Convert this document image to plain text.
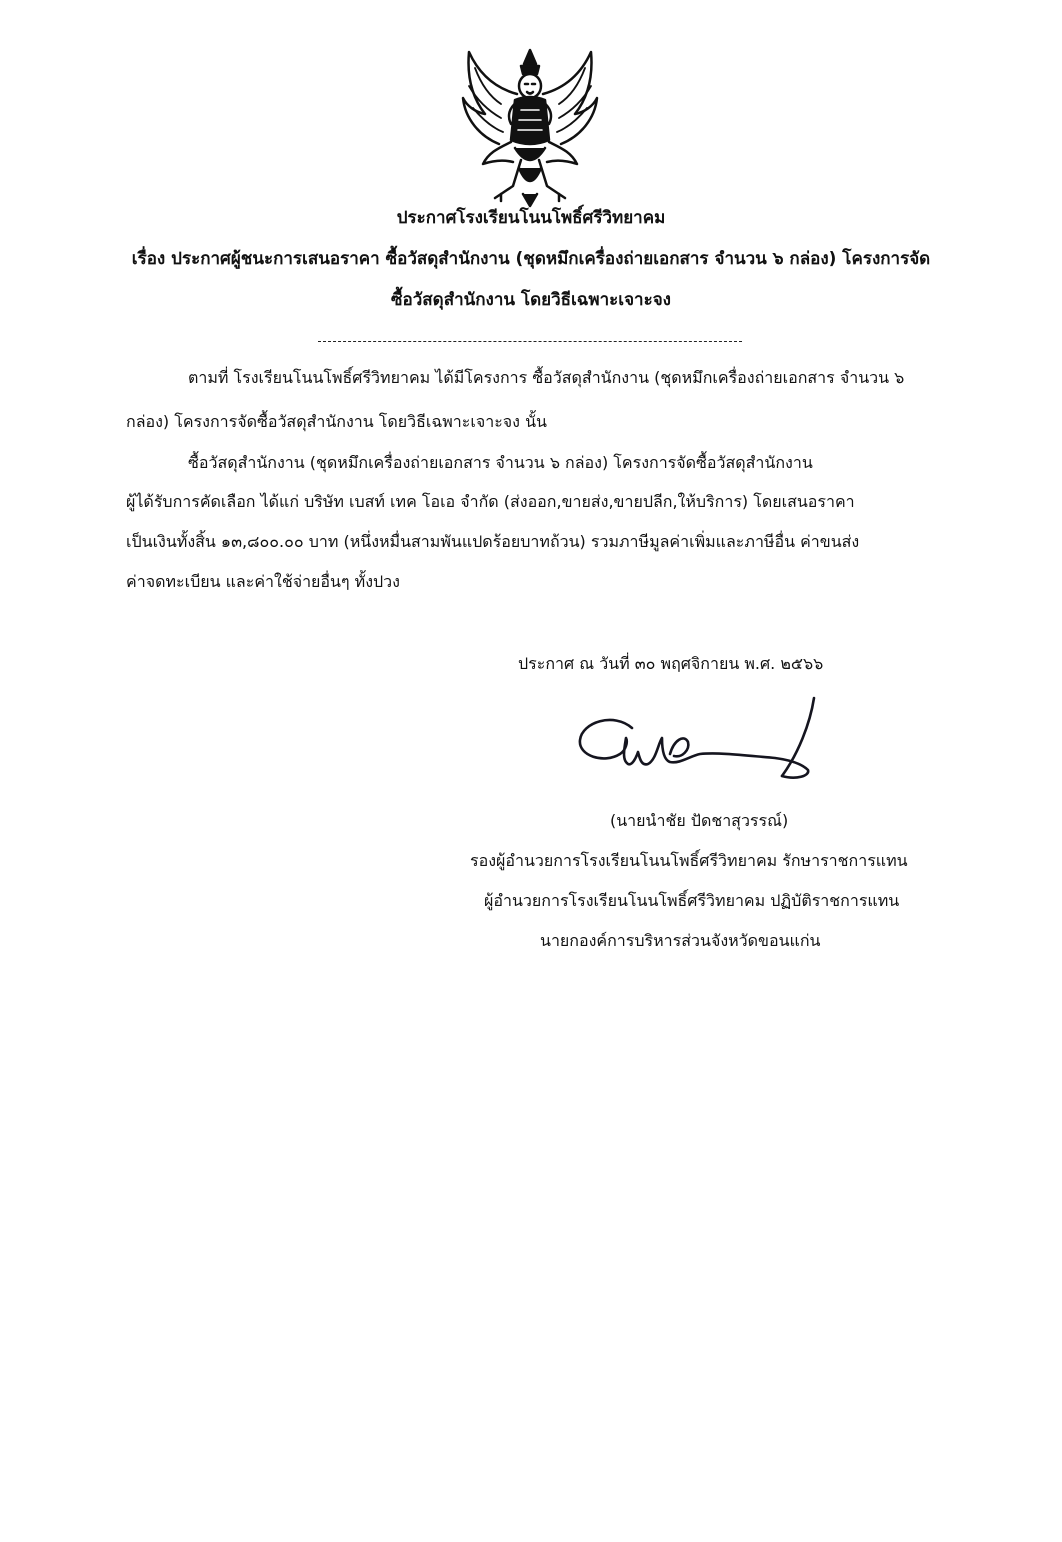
ประกาศโรงเรียนโนนโพธิ์ศรีวิทยาคม
เรื่อง ประกาศผู้ชนะการเสนอราคา ซื้อวัสดุสำนักงาน (ชุดหมึกเครื่องถ่ายเอกสาร จำนวน ๖ กล่อง) โครงการจัด
ซื้อวัสดุสำนักงาน โดยวิธีเฉพาะเจาะจง
ตามที่ โรงเรียนโนนโพธิ์ศรีวิทยาคม ได้มีโครงการ ซื้อวัสดุสำนักงาน (ชุดหมึกเครื่องถ่ายเอกสาร จำนวน ๖
กล่อง) โครงการจัดซื้อวัสดุสำนักงาน โดยวิธีเฉพาะเจาะจง นั้น
ซื้อวัสดุสำนักงาน (ชุดหมึกเครื่องถ่ายเอกสาร จำนวน ๖ กล่อง) โครงการจัดซื้อวัสดุสำนักงาน
ผู้ได้รับการคัดเลือก ได้แก่ บริษัท เบสท์ เทค โอเอ จำกัด (ส่งออก,ขายส่ง,ขายปลีก,ให้บริการ) โดยเสนอราคา
เป็นเงินทั้งสิ้น ๑๓,๘๐๐.๐๐ บาท (หนึ่งหมื่นสามพันแปดร้อยบาทถ้วน) รวมภาษีมูลค่าเพิ่มและภาษีอื่น ค่าขนส่ง
ค่าจดทะเบียน และค่าใช้จ่ายอื่นๆ ทั้งปวง
ประกาศ ณ วันที่ ๓๐ พฤศจิกายน พ.ศ. ๒๕๖๖
(นายนำชัย ปัดชาสุวรรณ์)
รองผู้อำนวยการโรงเรียนโนนโพธิ์ศรีวิทยาคม รักษาราชการแทน
ผู้อำนวยการโรงเรียนโนนโพธิ์ศรีวิทยาคม ปฏิบัติราชการแทน
นายกองค์การบริหารส่วนจังหวัดขอนแก่น
